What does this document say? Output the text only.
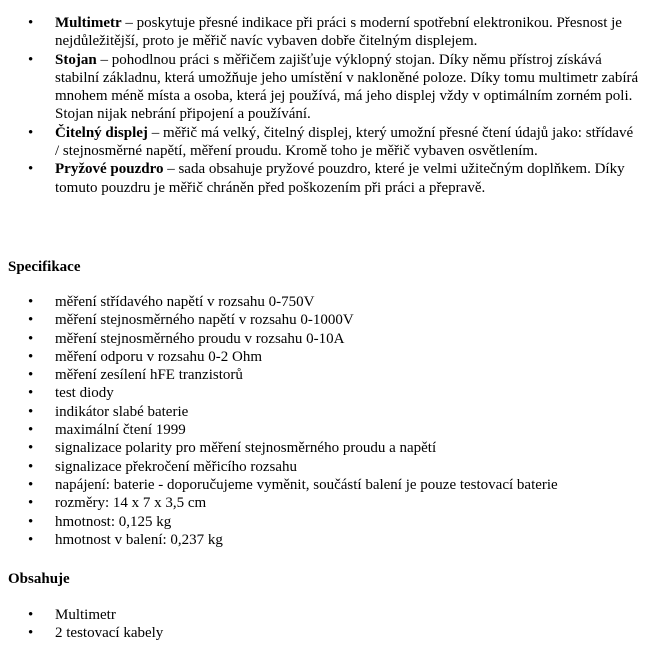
• Multimetr – poskytuje přesné indikace při práci s moderní spotřební elektronikou. Přesnost je nejdůležitější, proto je měřič navíc vybaven dobře čitelným displejem.
• Stojan – pohodlnou práci s měřičem zajišťuje výklopný stojan. Díky němu přístroj získává stabilní základnu, která umožňuje jeho umístění v nakloněné poloze. Díky tomu multimetr zabírá mnohem méně místa a osoba, která jej používá, má jeho displej vždy v optimálním zorném poli. Stojan nijak nebrání připojení a používání.
• Čitelný displej – měřič má velký, čitelný displej, který umožní přesné čtení údajů jako: střídavé / stejnosměrné napětí, měření proudu. Kromě toho je měřič vybaven osvětlením.
• Pryžové pouzdro – sada obsahuje pryžové pouzdro, které je velmi užitečným doplňkem. Díky tomuto pouzdru je měřič chráněn před poškozením při práci a přepravě.
Specifikace
• měření střídavého napětí v rozsahu 0-750V
• měření stejnosměrného napětí v rozsahu 0-1000V
• měření stejnosměrného proudu v rozsahu 0-10A
• měření odporu v rozsahu 0-2 Ohm
• měření zesílení hFE tranzistorů
• test diody
• indikátor slabé baterie
• maximální čtení 1999
• signalizace polarity pro měření stejnosměrného proudu a napětí
• signalizace překročení měřicího rozsahu
• napájení: baterie - doporučujeme vyměnit, součástí balení je pouze testovací baterie
• rozměry: 14 x 7 x 3,5 cm
• hmotnost: 0,125 kg
• hmotnost v balení: 0,237 kg
Obsahuje
• Multimetr
• 2 testovací kabely
